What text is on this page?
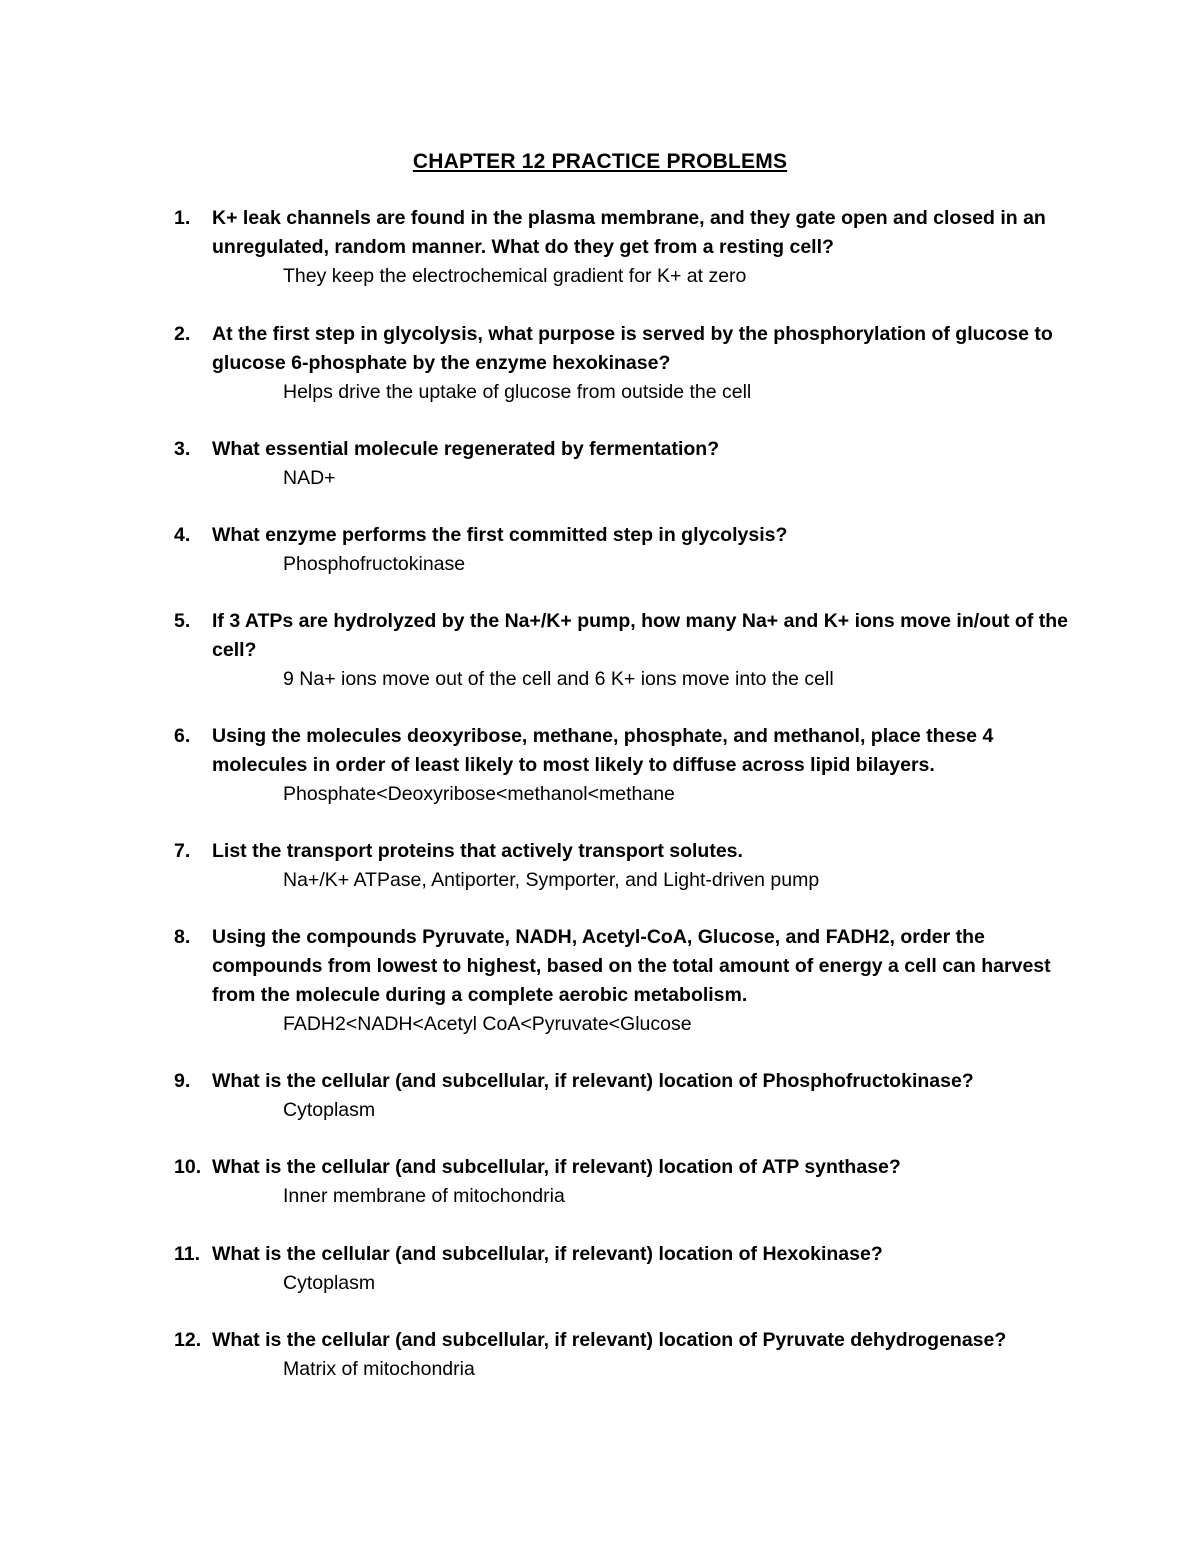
CHAPTER 12 PRACTICE PROBLEMS
1.	K+ leak channels are found in the plasma membrane, and they gate open and closed in an unregulated, random manner. What do they get from a resting cell?
They keep the electrochemical gradient for K+ at zero
2.	At the first step in glycolysis, what purpose is served by the phosphorylation of glucose to glucose 6-phosphate by the enzyme hexokinase?
Helps drive the uptake of glucose from outside the cell
3.	What essential molecule regenerated by fermentation?
NAD+
4.	What enzyme performs the first committed step in glycolysis?
Phosphofructokinase
5.	If 3 ATPs are hydrolyzed by the Na+/K+ pump, how many Na+ and K+ ions move in/out of the cell?
9 Na+ ions move out of the cell and 6 K+ ions move into the cell
6.	Using the molecules deoxyribose, methane, phosphate, and methanol, place these 4 molecules in order of least likely to most likely to diffuse across lipid bilayers.
Phosphate<Deoxyribose<methanol<methane
7.	List the transport proteins that actively transport solutes.
Na+/K+ ATPase, Antiporter, Symporter, and Light-driven pump
8.	Using the compounds Pyruvate, NADH, Acetyl-CoA, Glucose, and FADH2, order the compounds from lowest to highest, based on the total amount of energy a cell can harvest from the molecule during a complete aerobic metabolism.
FADH2<NADH<Acetyl CoA<Pyruvate<Glucose
9.	What is the cellular (and subcellular, if relevant) location of Phosphofructokinase?
Cytoplasm
10. What is the cellular (and subcellular, if relevant) location of ATP synthase?
Inner membrane of mitochondria
11. What is the cellular (and subcellular, if relevant) location of Hexokinase?
Cytoplasm
12. What is the cellular (and subcellular, if relevant) location of Pyruvate dehydrogenase?
Matrix of mitochondria
